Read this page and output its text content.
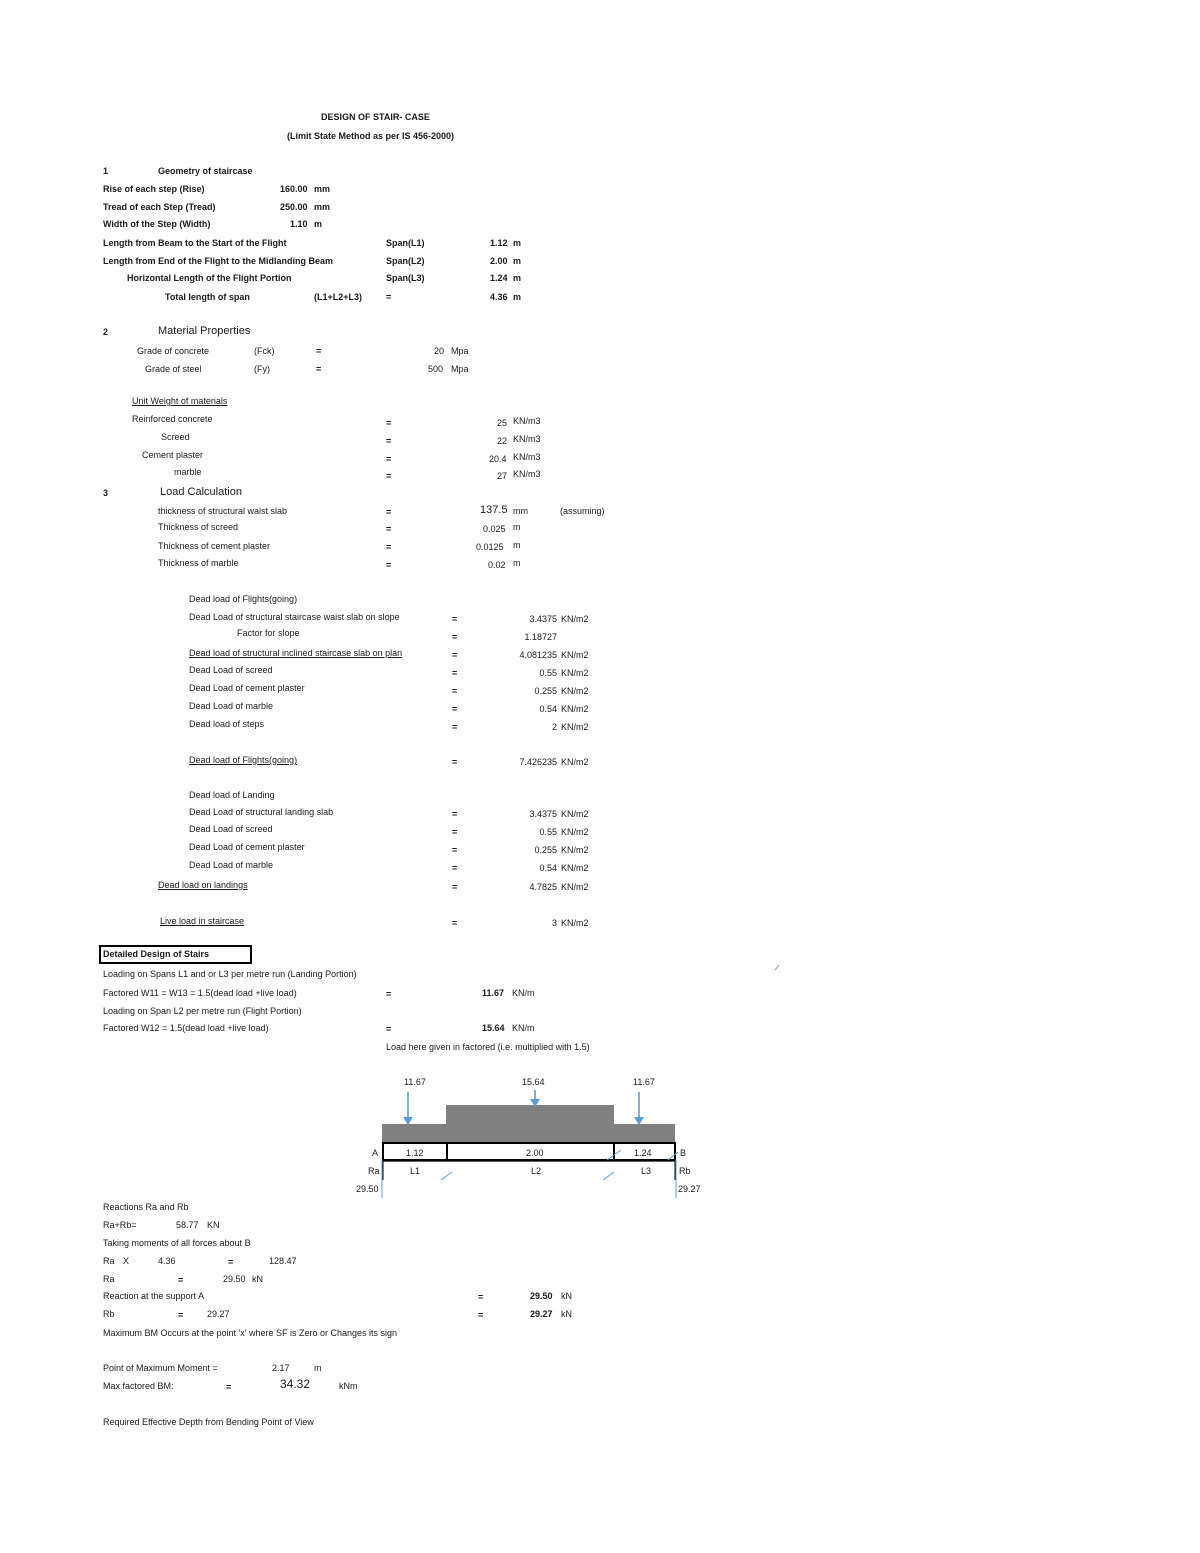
DESIGN OF STAIR- CASE
(Limit State Method as per IS 456-2000)
1	Geometry of staircase
Rise of each step (Rise)	160.00 mm
Tread of each Step (Tread)	250.00 mm
Width of the Step (Width)	1.10 m
Length from Beam to the Start of the Flight	Span(L1)	1.12 m
Length from End of the Flight to the Midlanding Beam	Span(L2)	2.00 m
Horizontal Length of the Flight Portion	Span(L3)	1.24 m
Total length of span	(L1+L2+L3)	=	4.36 m
2	Material Properties
Grade of concrete	(Fck)	=	20 Mpa
Grade of steel	(Fy)	=	500 Mpa
Unit Weight of materials
Reinforced concrete	=	25 KN/m3
Screed	=	22 KN/m3
Cement plaster	=	20.4 KN/m3
marble	=	27 KN/m3
3	Load Calculation
thickness of structural waist slab	=	137.5 mm	(assuming)
Thickness of screed	=	0.025 m
Thickness of cement plaster	=	0.0125 m
Thickness of marble	=	0.02 m
Dead load of Flights(going)
Dead Load of structural staircase waist slab on slope	=	3.4375 KN/m2
Factor for slope	=	1.18727
Dead load of structural inclined staircase slab on plan	=	4.081235 KN/m2
Dead Load of screed	=	0.55 KN/m2
Dead Load of cement plaster	=	0.255 KN/m2
Dead Load of marble	=	0.54 KN/m2
Dead load of steps	=	2 KN/m2
Dead load of Flights(going)	=	7.426235 KN/m2
Dead load of Landing
Dead Load of structural landing slab	=	3.4375 KN/m2
Dead Load of screed	=	0.55 KN/m2
Dead Load of cement plaster	=	0.255 KN/m2
Dead Load of marble	=	0.54 KN/m2
Dead load on landings	=	4.7825 KN/m2
Live load in staircase	=	3 KN/m2
Detailed Design of Stairs
Loading on Spans L1 and or L3 per metre run (Landing Portion)
Factored W11 = W13 = 1.5(dead load +live load)	=	11.67 KN/m
Loading on Span L2 per metre run (Flight Portion)
Factored W12 = 1.5(dead load +live load)	=	15.64 KN/m
Load here given in factored (i.e. multiplied with 1.5)
11.67	15.64	11.67
1.12	2.00	1.24
L1	L2	L3
A	B
Ra	Rb
29.50	29.27
Reactions Ra and Rb
Ra+Rb=	58.77 KN
Taking moments of all forces about B
Ra X	4.36	=	128.47
Ra	=	29.50 kN
Reaction at the support A	=	29.50 kN
Rb	=	29.27	=	29.27 kN
Maximum BM Occurs at the point 'x' where SF is Zero or Changes its sign
Point of Maximum Moment =	2.17	m
Max factored BM:	=	34.32	kNm
Required Effective Depth from Bending Point of View
